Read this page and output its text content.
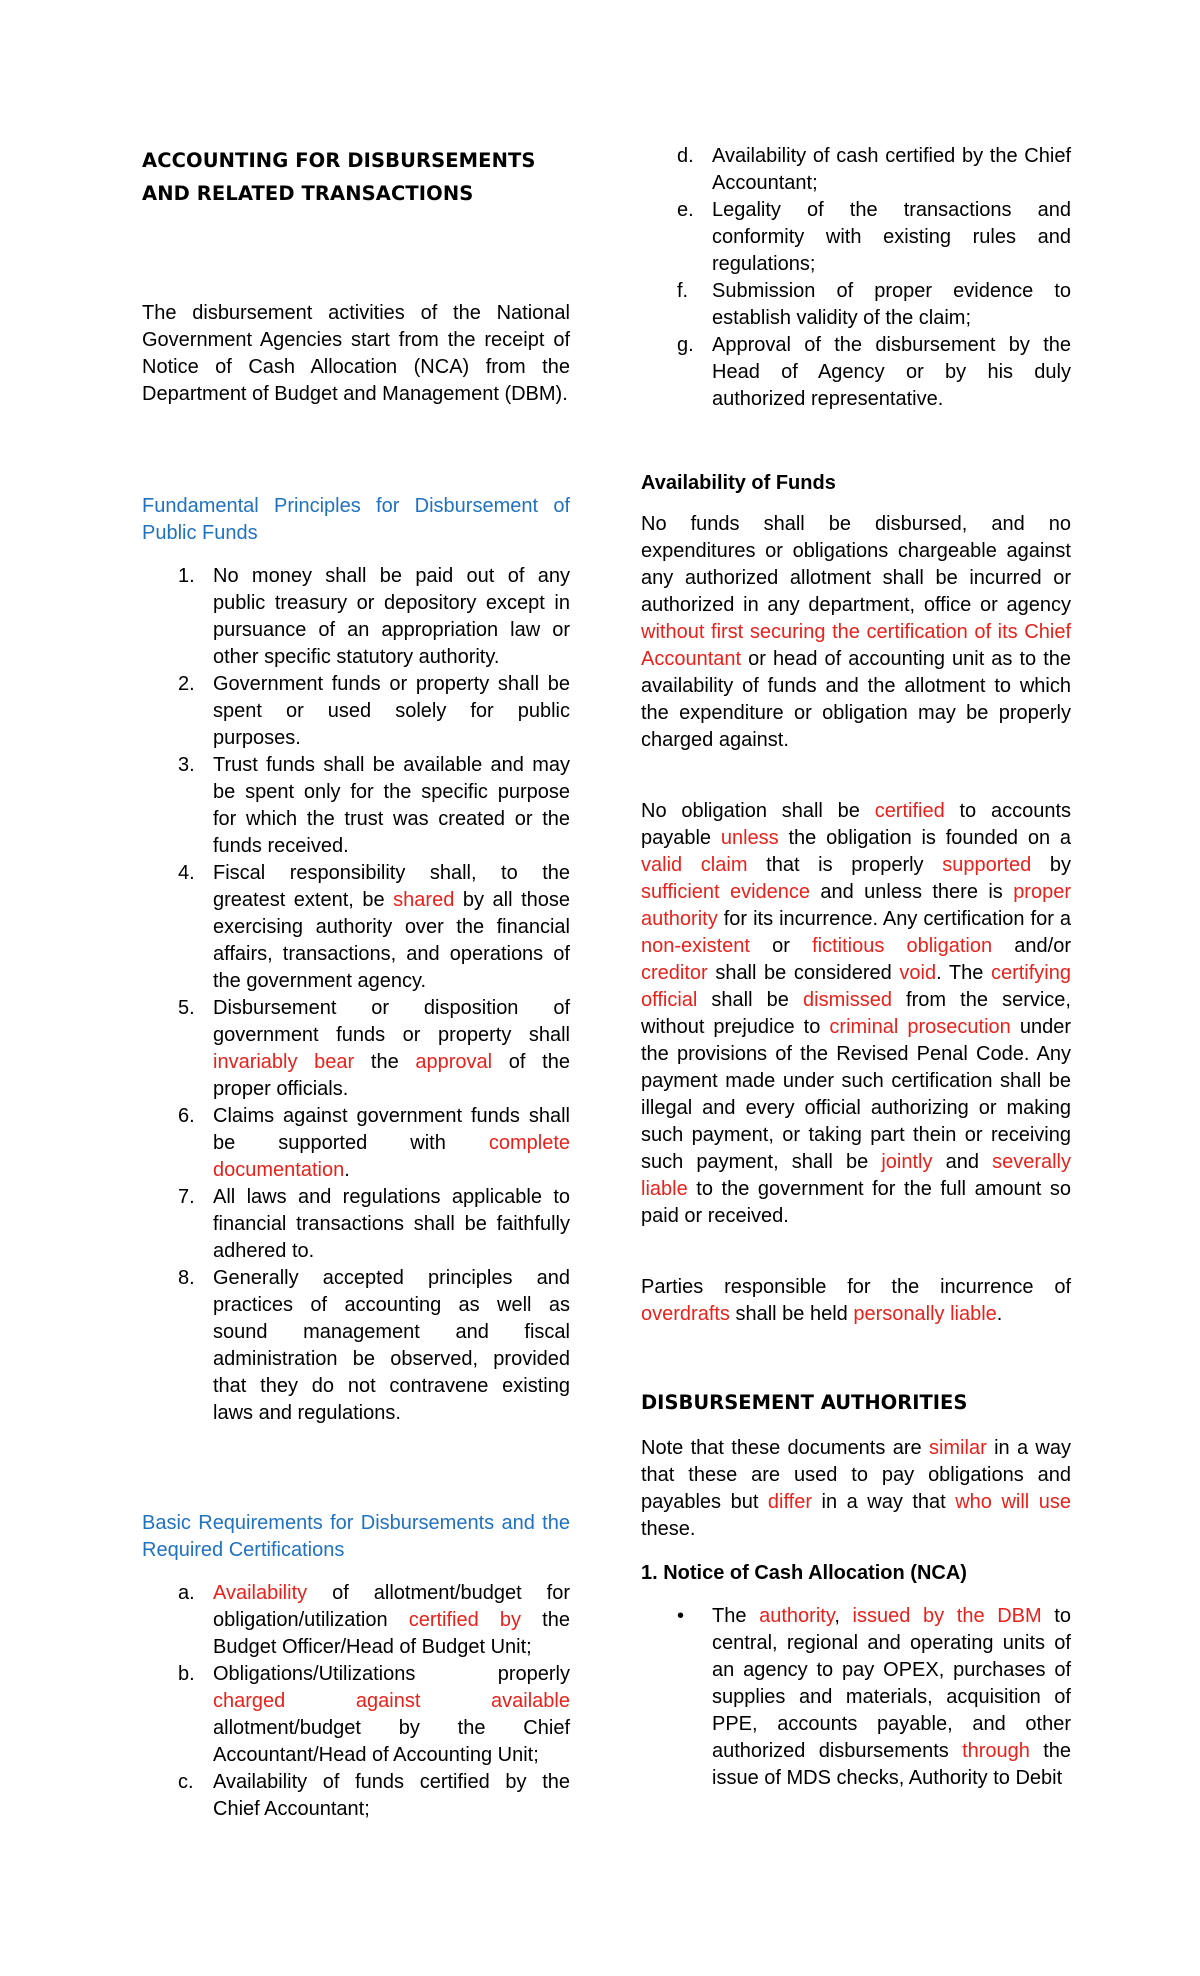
ACCOUNTING FOR DISBURSEMENTS AND RELATED TRANSACTIONS

The disbursement activities of the National Government Agencies start from the receipt of Notice of Cash Allocation (NCA) from the Department of Budget and Management (DBM).

Fundamental Principles for Disbursement of Public Funds

1. No money shall be paid out of any public treasury or depository except in pursuance of an appropriation law or other specific statutory authority.
2. Government funds or property shall be spent or used solely for public purposes.
3. Trust funds shall be available and may be spent only for the specific purpose for which the trust was created or the funds received.
4. Fiscal responsibility shall, to the greatest extent, be shared by all those exercising authority over the financial affairs, transactions, and operations of the government agency.
5. Disbursement or disposition of government funds or property shall invariably bear the approval of the proper officials.
6. Claims against government funds shall be supported with complete documentation.
7. All laws and regulations applicable to financial transactions shall be faithfully adhered to.
8. Generally accepted principles and practices of accounting as well as sound management and fiscal administration be observed, provided that they do not contravene existing laws and regulations.

Basic Requirements for Disbursements and the Required Certifications

a. Availability of allotment/budget for obligation/utilization certified by the Budget Officer/Head of Budget Unit;
b. Obligations/Utilizations properly charged against available allotment/budget by the Chief Accountant/Head of Accounting Unit;
c. Availability of funds certified by the Chief Accountant;
d. Availability of cash certified by the Chief Accountant;
e. Legality of the transactions and conformity with existing rules and regulations;
f. Submission of proper evidence to establish validity of the claim;
g. Approval of the disbursement by the Head of Agency or by his duly authorized representative.

Availability of Funds

No funds shall be disbursed, and no expenditures or obligations chargeable against any authorized allotment shall be incurred or authorized in any department, office or agency without first securing the certification of its Chief Accountant or head of accounting unit as to the availability of funds and the allotment to which the expenditure or obligation may be properly charged against.

No obligation shall be certified to accounts payable unless the obligation is founded on a valid claim that is properly supported by sufficient evidence and unless there is proper authority for its incurrence. Any certification for a non-existent or fictitious obligation and/or creditor shall be considered void. The certifying official shall be dismissed from the service, without prejudice to criminal prosecution under the provisions of the Revised Penal Code. Any payment made under such certification shall be illegal and every official authorizing or making such payment, or taking part thein or receiving such payment, shall be jointly and severally liable to the government for the full amount so paid or received.

Parties responsible for the incurrence of overdrafts shall be held personally liable.

DISBURSEMENT AUTHORITIES

Note that these documents are similar in a way that these are used to pay obligations and payables but differ in a way that who will use these.

1. Notice of Cash Allocation (NCA)

• The authority, issued by the DBM to central, regional and operating units of an agency to pay OPEX, purchases of supplies and materials, acquisition of PPE, accounts payable, and other authorized disbursements through the issue of MDS checks, Authority to Debit
